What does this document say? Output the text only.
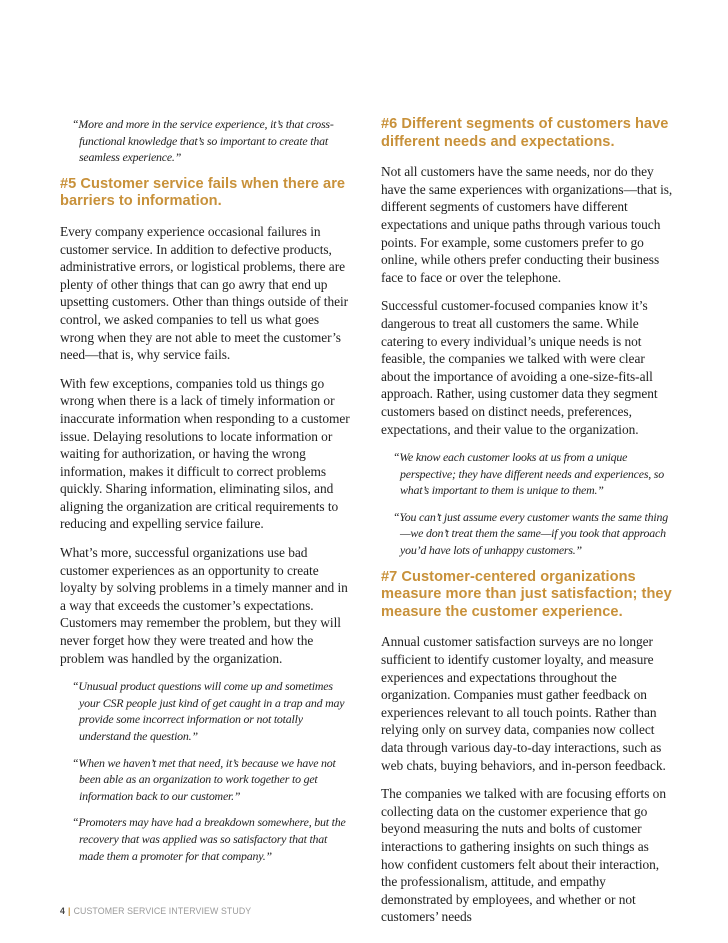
“More and more in the service experience, it’s that cross-functional knowledge that’s so important to create that seamless experience.”

#5 Customer service fails when there are barriers to information.

Every company experience occasional failures in customer service. In addition to defective products, administrative errors, or logistical problems, there are plenty of other things that can go awry that end up upsetting customers. Other than things outside of their control, we asked companies to tell us what goes wrong when they are not able to meet the customer’s need—that is, why service fails.

With few exceptions, companies told us things go wrong when there is a lack of timely information or inaccurate information when responding to a customer issue. Delaying resolutions to locate information or waiting for authorization, or having the wrong information, makes it difficult to correct problems quickly. Sharing information, eliminating silos, and aligning the organization are critical requirements to reducing and expelling service failure.

What’s more, successful organizations use bad customer experiences as an opportunity to create loyalty by solving problems in a timely manner and in a way that exceeds the customer’s expectations. Customers may remember the problem, but they will never forget how they were treated and how the problem was handled by the organization.

“Unusual product questions will come up and sometimes your CSR people just kind of get caught in a trap and may provide some incorrect information or not totally understand the question.”

“When we haven’t met that need, it’s because we have not been able as an organization to work together to get information back to our customer.”

“Promoters may have had a breakdown somewhere, but the recovery that was applied was so satisfactory that that made them a promoter for that company.”

#6 Different segments of customers have different needs and expectations.

Not all customers have the same needs, nor do they have the same experiences with organizations—that is, different segments of customers have different expectations and unique paths through various touch points. For example, some customers prefer to go online, while others prefer conducting their business face to face or over the telephone.

Successful customer-focused companies know it’s dangerous to treat all customers the same. While catering to every individual’s unique needs is not feasible, the companies we talked with were clear about the importance of avoiding a one-size-fits-all approach. Rather, using customer data they segment customers based on distinct needs, preferences, expectations, and their value to the organization.

“We know each customer looks at us from a unique perspective; they have different needs and experiences, so what’s important to them is unique to them.”

“You can’t just assume every customer wants the same thing—we don’t treat them the same—if you took that approach you’d have lots of unhappy customers.”

#7 Customer-centered organizations measure more than just satisfaction; they measure the customer experience.

Annual customer satisfaction surveys are no longer sufficient to identify customer loyalty, and measure experiences and expectations throughout the organization. Companies must gather feedback on experiences relevant to all touch points. Rather than relying only on survey data, companies now collect data through various day-to-day interactions, such as web chats, buying behaviors, and in-person feedback.

The companies we talked with are focusing efforts on collecting data on the customer experience that go beyond measuring the nuts and bolts of customer interactions to gathering insights on such things as how confident customers felt about their interaction, the professionalism, attitude, and empathy demonstrated by employees, and whether or not customers’ needs

4 | CUSTOMER SERVICE INTERVIEW STUDY
